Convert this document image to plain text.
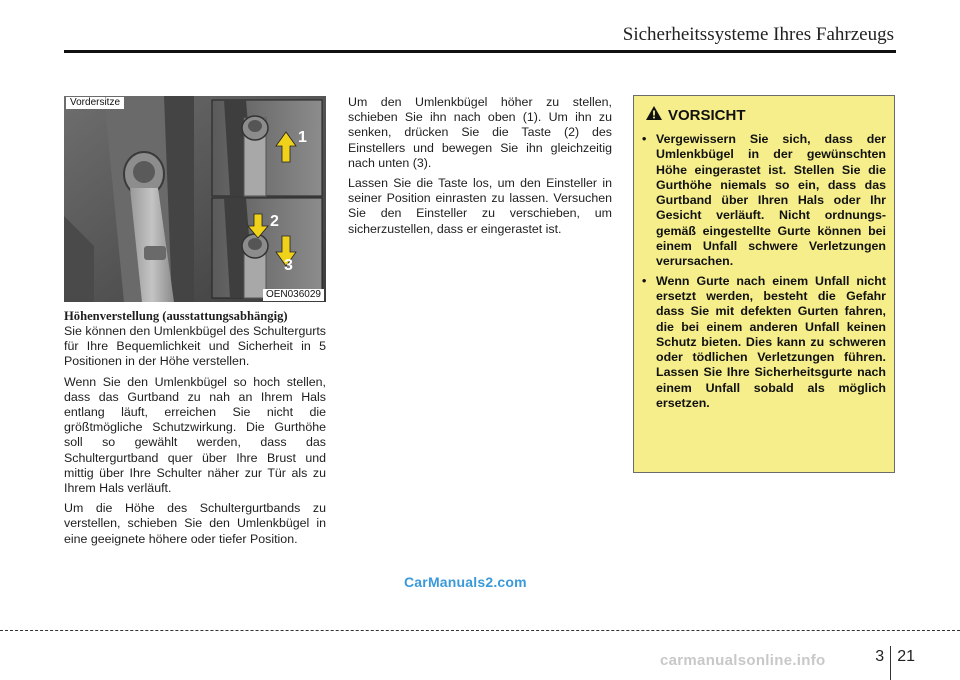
Sicherheitssysteme Ihres Fahrzeugs
1
2
3
Vordersitze
OEN036029
Höhenverstellung (ausstattungsabhängig)

Sie können den Umlenkbügel des Schultergurts für Ihre Bequemlichkeit und Sicherheit in 5 Positionen in der Höhe verstellen.

Wenn Sie den Umlenkbügel so hoch stellen, dass das Gurtband zu nah an Ihrem Hals entlang läuft, erreichen Sie nicht die größtmögliche Schutzwirkung. Die Gurthöhe soll so gewählt werden, dass das Schultergurtband quer über Ihre Brust und mittig über Ihre Schulter näher zur Tür als zu Ihrem Hals verläuft.

Um die Höhe des Schultergurtbands zu verstellen, schieben Sie den Umlenkbügel in eine geeignete höhere oder tiefer Position.

Um den Umlenkbügel höher zu stellen, schieben Sie ihn nach oben (1). Um ihn zu senken, drücken Sie die Taste (2) des Einstellers und bewegen Sie ihn gleichzeitig nach unten (3).

Lassen Sie die Taste los, um den Einsteller in seiner Position einrasten zu lassen. Versuchen Sie den Einsteller zu verschieben, um sicherzustellen, dass er eingerastet ist.

VORSICHT
• Vergewissern Sie sich, dass der Umlenkbügel in der gewünschten Höhe eingerastet ist. Stellen Sie die Gurthöhe niemals so ein, dass das Gurtband über Ihren Hals oder Ihr Gesicht verläuft. Nicht ordnungs-gemäß eingestellte Gurte können bei einem Unfall schwere Verletzungen verursachen.
• Wenn Gurte nach einem Unfall nicht ersetzt werden, besteht die Gefahr dass Sie mit defekten Gurten fahren, die bei einem anderen Unfall keinen Schutz bieten. Dies kann zu schweren oder tödlichen Verletzungen führen. Lassen Sie Ihre Sicherheitsgurte nach einem Unfall sobald als möglich ersetzen.
CarManuals2.com
3 21
carmanualsonline.info
